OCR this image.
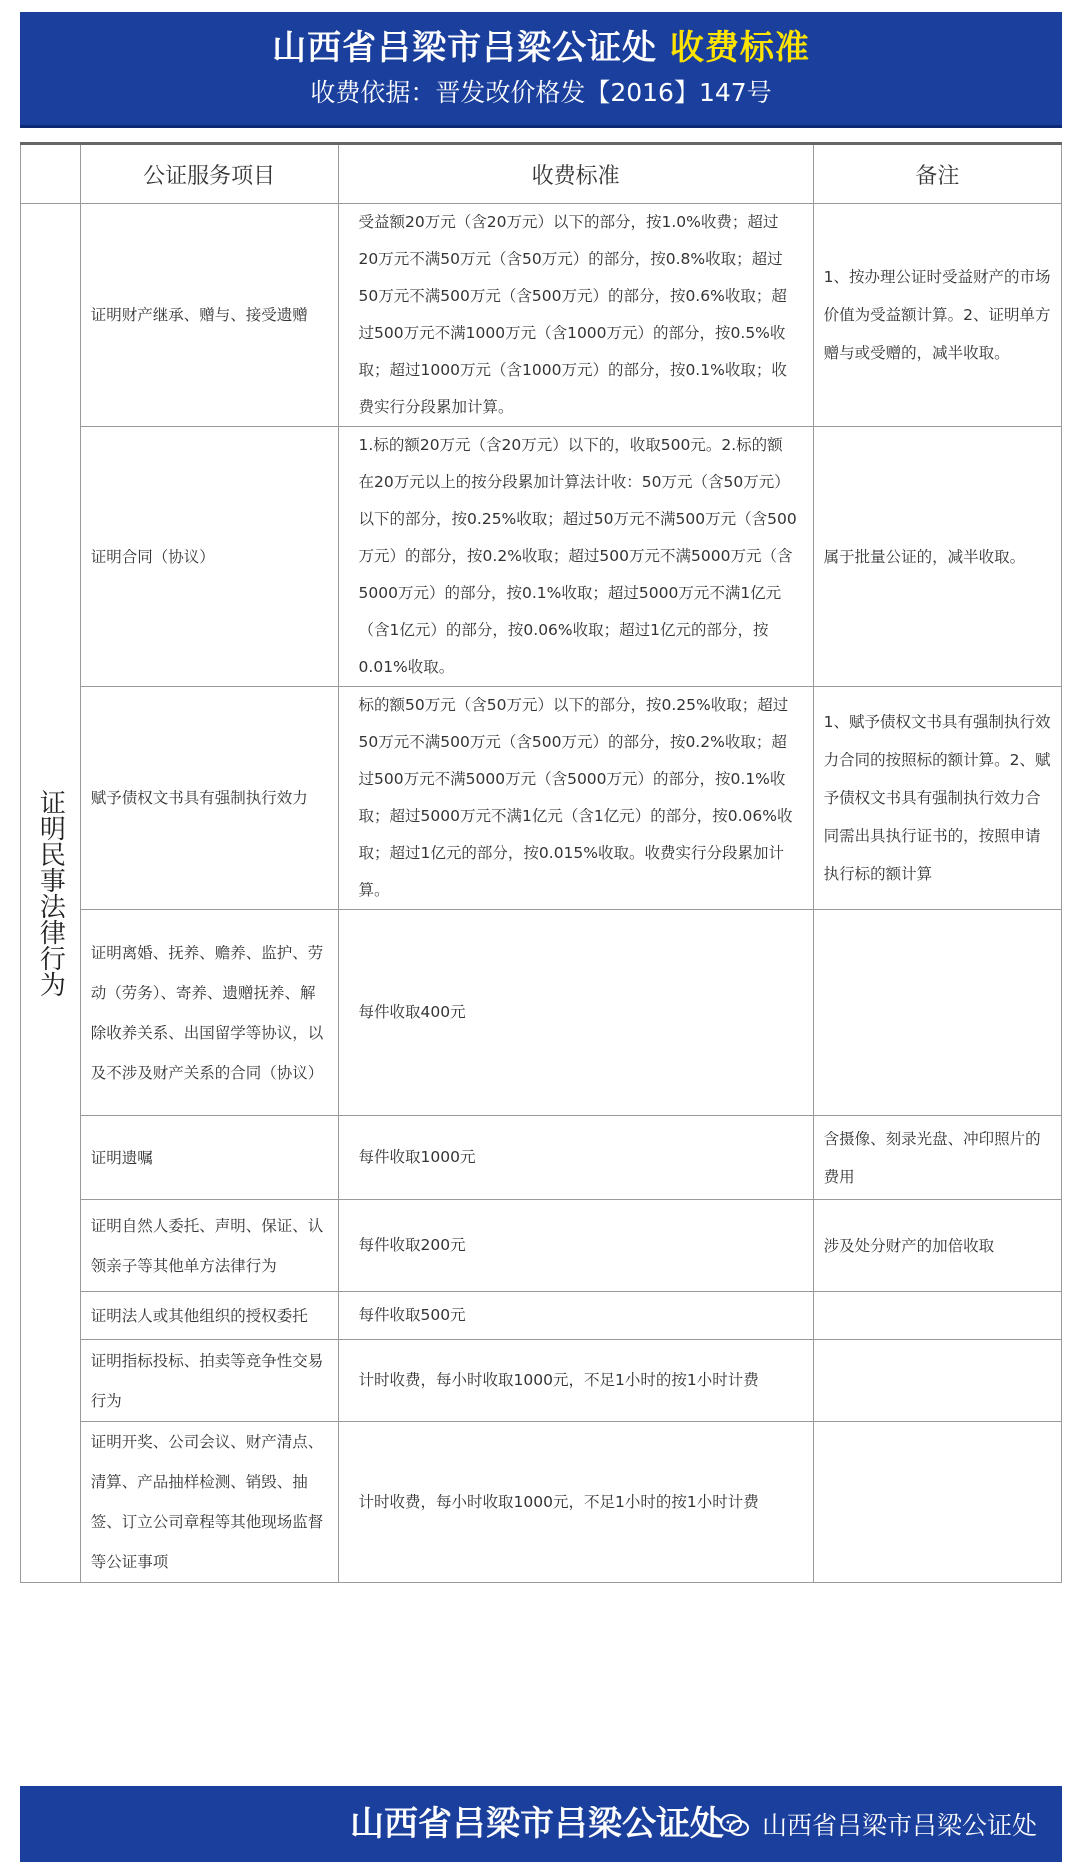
山西省吕梁市吕梁公证处 收费标准
收费依据：晋发改价格发【2016】147号
	公证服务项目	收费标准	备注
证明民事法律行为	证明财产继承、赠与、接受遗赠	受益额20万元（含20万元）以下的部分，按1.0%收费；超过20万元不满50万元（含50万元）的部分，按0.8%收取；超过50万元不满500万元（含500万元）的部分，按0.6%收取；超过500万元不满1000万元（含1000万元）的部分，按0.5%收取；超过1000万元（含1000万元）的部分，按0.1%收取；收费实行分段累加计算。	1、按办理公证时受益财产的市场价值为受益额计算。2、证明单方赠与或受赠的，减半收取。
	证明合同（协议）	1.标的额20万元（含20万元）以下的，收取500元。2.标的额在20万元以上的按分段累加计算法计收：50万元（含50万元）以下的部分，按0.25%收取；超过50万元不满500万元（含500万元）的部分，按0.2%收取；超过500万元不满5000万元（含5000万元）的部分，按0.1%收取；超过5000万元不满1亿元（含1亿元）的部分，按0.06%收取；超过1亿元的部分，按0.01%收取。	属于批量公证的，减半收取。
	赋予债权文书具有强制执行效力	标的额50万元（含50万元）以下的部分，按0.25%收取；超过50万元不满500万元（含500万元）的部分，按0.2%收取；超过500万元不满5000万元（含5000万元）的部分，按0.1%收取；超过5000万元不满1亿元（含1亿元）的部分，按0.06%收取；超过1亿元的部分，按0.015%收取。收费实行分段累加计算。	1、赋予债权文书具有强制执行效力合同的按照标的额计算。2、赋予债权文书具有强制执行效力合同需出具执行证书的，按照申请执行标的额计算
	证明离婚、抚养、赡养、监护、劳动（劳务）、寄养、遗赠抚养、解除收养关系、出国留学等协议，以及不涉及财产关系的合同（协议）	每件收取400元	
	证明遗嘱	每件收取1000元	含摄像、刻录光盘、冲印照片的费用
	证明自然人委托、声明、保证、认领亲子等其他单方法律行为	每件收取200元	涉及处分财产的加倍收取
	证明法人或其他组织的授权委托	每件收取500元	
	证明指标投标、拍卖等竞争性交易行为	计时收费，每小时收取1000元，不足1小时的按1小时计费	
	证明开奖、公司会议、财产清点、清算、产品抽样检测、销毁、抽签、订立公司章程等其他现场监督等公证事项	计时收费，每小时收取1000元，不足1小时的按1小时计费	
山西省吕梁市吕梁公证处	山西省吕梁市吕梁公证处
